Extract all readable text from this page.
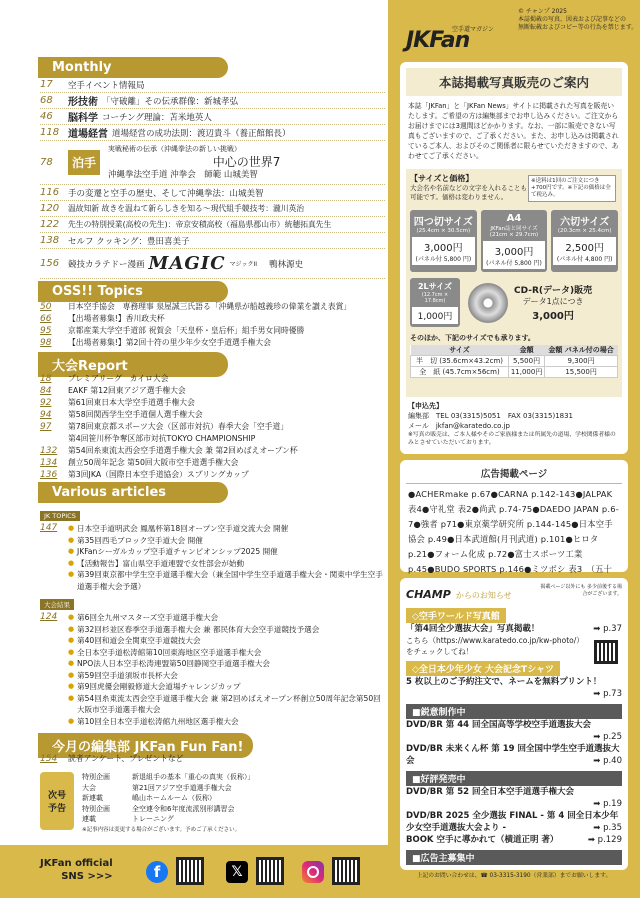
Monthly
17	空手イベント情報局
68	形技術 「守破離」その伝承群像：新城孝弘
46	脳科学 コーチング理論：苫米地英人
118 道場経営 道場経営の成功法則：渡辺貴斗（養正館館長）
78	泊手
実戦秘術の伝承（沖縄拳法の新しい挑戦）
中心の世界7
沖縄拳法空手道 沖拳会　師範 山城美智
116	手の変遷と空手の歴史、そして沖縄拳法：山城美智
120	温故知新 故きを温ねて新らしきを知る〜現代組手競技考：瀧川英治
122	先生の特別授業(高校の先生)：帝京安積高校（福島県郡山市）統穂拓真先生
138	セルフ クッキング：豊田喜美子
156	競技カラテドー漫画 MAGIC マジックII 鴨林源史
OSS!! Topics
50	日本空手協会　専務理事 泉屋誠三氏語る「沖縄県が船越義珍の偉業を讃え表賞」
66	【出場者募集!】香川政夫杯
95	京都産業大学空手道部 祝賀会「天皇杯・皇后杯」組手男女同時優勝
98	【出場者募集!】第2回十符の里少年少女空手道選手権大会
大会Report
18	プレミアリーグ　カイロ大会
84	EAKF 第12回東アジア選手権大会
92	第61回東日本大学空手道選手権大会
94	第58回関西学生空手道個人選手権大会
97	第78回東京都スポーツ大会（区部市対抗）春季大会「空手道」
第4回笹川杯争奪区部市対抗TOKYO CHAMPIONSHIP
132	第54回糸東流太西会空手道選手権大会 兼 第2回めばえオープン杯
134	創立50周年記念 第50回大阪市空手道選手権大会
136	第3回JKA（国際日本空手道協会）スプリングカップ
Various articles
JK TOPICS
147	● 日本空手道明武会 鳳凰杯第18回オープン空手道交流大会 開催
● 第35回西毛ブロック空手道大会 開催
● JKFanシーガルカップ空手道チャンピオンシップ2025 開催
● 【活動報告】富山県空手道連盟で女性部会が始動
● 第39回東京都中学生空手道選手権大会（兼全国中学生空手道選手権大会・関東中学生空手道選手権大会予選）
大会結果
124	● 第6回全九州マスターズ空手道選手権大会
● 第32回杉並区春季空手道選手権大会 兼 都民体育大会空手道競技予選会
● 第40回和道会全関東空手道競技大会
● 全日本空手道松涛館第10回東海地区空手道選手権大会
● NPO法人日本空手松涛連盟第50回静岡空手道選手権大会
● 第59回空手道須坂市長杯大会
● 第9回虎優会剛毅修道大会道場チャレンジカップ
● 第54回糸東流太西会空手道選手権大会 兼 第2回めばえオープン杯創立50周年記念第50回大阪市空手道選手権大会
● 第10回全日本空手道松涛館九州地区選手権大会
今月の編集部 JKFan Fun Fan!
154	読者アンケート、プレゼントなど
次号
予告
特別企画	新退組手の基本「重心の真実（仮称）」
大会	第21回アジア空手道選手権大会
新連載	嶋山ホームルーム（仮称）
特別企画	全空連令和6年度流派別形講習会
連載	トレーニング
※記事内容は変更する場合がございます。予めご了承ください。
JKFan official
SNS >>>	f	𝕏
空手道マガジン
JKFan
© チャンプ 2025
本誌掲載の写真、図表および記事などの
無断転載およびコピー等の行為を禁じます。
本誌掲載写真販売のご案内
本誌「JKFan」と「JKFan News」サイトに掲載された写真を販売いたします。ご希望の方は編集部までお申し込みください。ご注文からお届けまでには3週間ほどかかります。なお、一部に販売できない写真もございますので、ご了承ください。また、お申し込みは掲載されているご本人、およびそのご関係者に限らせていただきますので、あわせてご了承ください。
【サイズと価格】
大会名や名前などの文字を入れることも可能です。価格は変わりません。
※送料は1回のご注文につき+700円です。※下記の価格は全て税込み。
四つ切サイズ
(25.4cm × 30.5cm)
3,000円
(パネル付 5,800 円)
A4
JKFan誌と同サイズ (21cm × 29.7cm)
3,000円
(パネル付 5,800 円)
六切サイズ
(20.3cm × 25.4cm)
2,500円
(パネル付 4,800 円)
2Lサイズ
(12.7cm × 17.8cm)
1,000円
CD-R(データ)販売
データ1点につき
3,000円
そのほか、下記のサイズでも承ります。
サイズ	金額	金額 パネル付の場合
半　切 (35.6cm×43.2cm)	5,500円	9,300円
全　紙 (45.7cm×56cm)	11,000円	15,500円
【申込先】
編集部　TEL 03(3315)5051　FAX 03(3315)1831
メール　jkfan@karatedo.co.jp
※写真の販売は、ご本人様やそのご家族様または所属先の道場、学校関係者様のみとさせていただいております。
広告掲載ページ
●ACHERmake p.67●CARNA p.142-143●JALPAK 表4●守礼堂 表2●尚武 p.74-75●DAEDO JAPAN p.6-7●強者 p71●東京薬学研究所 p.144-145●日本空手協会 p.49●日本武道館(月刊武道) p.101●ヒロタ p.21●フォーム化成 p.72●富士スポーツ工業 p.45●BUDO SPORTS p.146●ミツボシ 表3　（五十
CHAMP からのお知らせ
掲載ページ以外にも 多少前後する場合がございます。
◇空手ワールド写真館
「第4回全少選抜大会」写真掲載！	➡ p.37
こちら（https://www.karatedo.co.jp/kw-photo/）をチェックしてね！
◇全日本少年少女 大会記念Tシャツ
5 枚以上のご予約注文で、ネームを無料プリント！
➡ p.73
■鋭意制作中
DVD/BR 第 44 回全国高等学校空手道選抜大会
➡ p.25
DVD/BR 未来くん杯 第 19 回全国中学生空手道選抜大会	➡ p.40
■好評発売中
DVD/BR 第 52 回全日本空手道選手権大会
➡ p.19
DVD/BR 2025 全少選抜 FINAL - 第 4 回全日本少年少女空手道選抜大会より -	➡ p.35
BOOK 空手に導かれて（横道正明 著）	➡ p.129
■広告主募集中
上記のお問い合わせは、☎ 03-3315-3190（営業部）までお願いします。
